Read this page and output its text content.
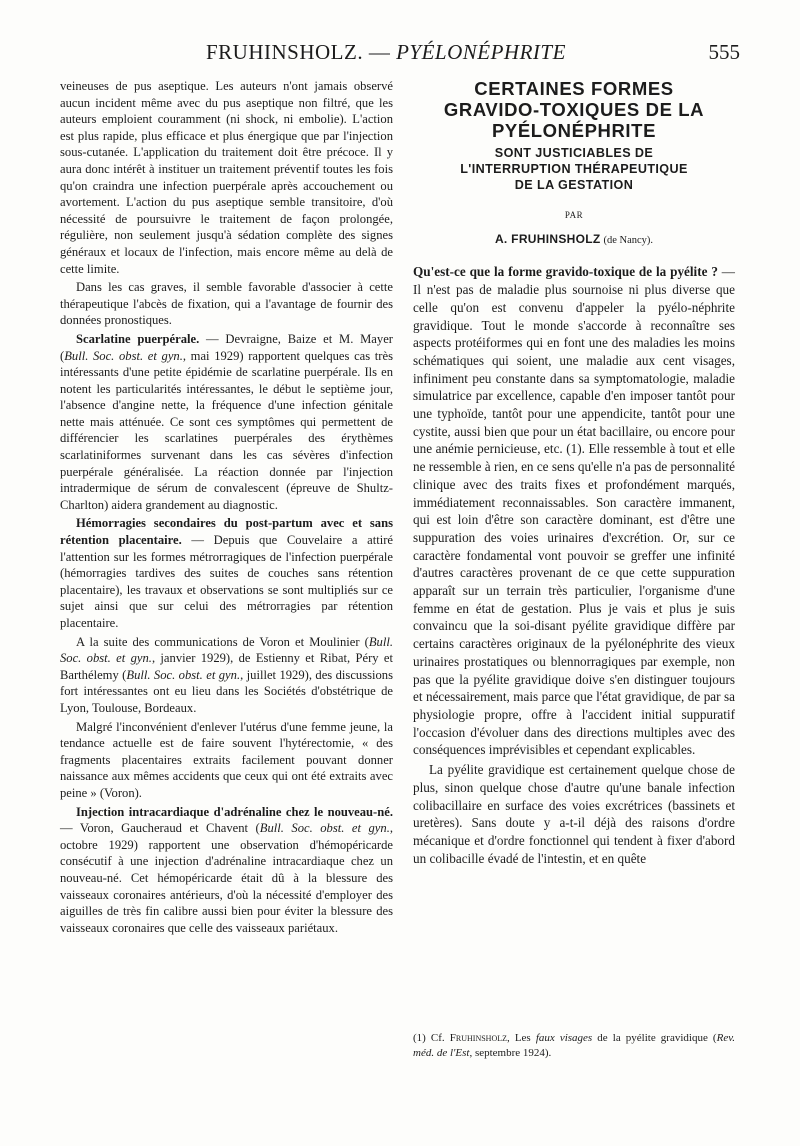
FRUHINSHOLZ. — PYÉLONÉPHRITE	555

veineuses de pus aseptique. Les auteurs n'ont jamais observé aucun incident même avec du pus aseptique non filtré, que les auteurs emploient couramment (ni shock, ni embolie). L'action est plus rapide, plus efficace et plus énergique que par l'injection sous-cutanée. L'application du traitement doit être précoce. Il y aura donc intérêt à instituer un traitement préventif toutes les fois qu'on craindra une infection puerpérale après accouchement ou avortement. L'action du pus aseptique semble transitoire, d'où nécessité de poursuivre le traitement de façon prolongée, régulière, non seulement jusqu'à sédation complète des signes généraux et locaux de l'infection, mais encore même au delà de cette limite.

Dans les cas graves, il semble favorable d'associer à cette thérapeutique l'abcès de fixation, qui a l'avantage de fournir des données pronostiques.

Scarlatine puerpérale. — Devraigne, Baize et M. Mayer (Bull. Soc. obst. et gyn., mai 1929) rapportent quelques cas très intéressants d'une petite épidémie de scarlatine puerpérale. Ils en notent les particularités intéressantes, le début le septième jour, l'absence d'angine nette, la fréquence d'une infection génitale nette mais atténuée. Ce sont ces symptômes qui permettent de différencier les scarlatines puerpérales des érythèmes scarlatiniformes survenant dans les cas sévères d'infection puerpérale généralisée. La réaction donnée par l'injection intradermique de sérum de convalescent (épreuve de Shultz-Charlton) aidera grandement au diagnostic.

Hémorragies secondaires du post-partum avec et sans rétention placentaire. — Depuis que Couvelaire a attiré l'attention sur les formes métrorragiques de l'infection puerpérale (hémorragies tardives des suites de couches sans rétention placentaire), les travaux et observations se sont multipliés sur ce sujet ainsi que sur celui des métrorragies par rétention placentaire.

A la suite des communications de Voron et Moulinier (Bull. Soc. obst. et gyn., janvier 1929), de Estienny et Ribat, Péry et Barthélemy (Bull. Soc. obst. et gyn., juillet 1929), des discussions fort intéressantes ont eu lieu dans les Sociétés d'obstétrique de Lyon, Toulouse, Bordeaux.

Malgré l'inconvénient d'enlever l'utérus d'une femme jeune, la tendance actuelle est de faire souvent l'hytérectomie, « des fragments placentaires extraits facilement pouvant donner naissance aux mêmes accidents que ceux qui ont été extraits avec peine » (Voron).

Injection intracardiaque d'adrénaline chez le nouveau-né. — Voron, Gaucheraud et Chavent (Bull. Soc. obst. et gyn., octobre 1929) rapportent une observation d'hémopéricarde consécutif à une injection d'adrénaline intracardiaque chez un nouveau-né. Cet hémopéricarde était dû à la blessure des vaisseaux coronaires antérieurs, d'où la nécessité d'employer des aiguilles de très fin calibre aussi bien pour éviter la blessure des vaisseaux coronaires que celle des vaisseaux pariétaux.

CERTAINES FORMES
GRAVIDO-TOXIQUES DE LA
PYÉLONÉPHRITE
SONT JUSTICIABLES DE
L'INTERRUPTION THÉRAPEUTIQUE
DE LA GESTATION
PAR
A. FRUHINSHOLZ (de Nancy).

Qu'est-ce que la forme gravido-toxique de la pyélite ? — Il n'est pas de maladie plus sournoise ni plus diverse que celle qu'on est convenu d'appeler la pyélo-néphrite gravidique. Tout le monde s'accorde à reconnaître ses aspects protéiformes qui en font une des maladies les moins schématiques qui soient, une maladie aux cent visages, infiniment peu constante dans sa symptomatologie, maladie simulatrice par excellence, capable d'en imposer tantôt pour une typhoïde, tantôt pour une appendicite, tantôt pour une cystite, aussi bien que pour un état bacillaire, ou encore pour une anémie pernicieuse, etc. (1). Elle ressemble à tout et elle ne ressemble à rien, en ce sens qu'elle n'a pas de personnalité clinique avec des traits fixes et profondément marqués, immédiatement reconnaissables. Son caractère immanent, qui est loin d'être son caractère dominant, est d'être une suppuration des voies urinaires d'excrétion. Or, sur ce caractère fondamental vont pouvoir se greffer une infinité d'autres caractères provenant de ce que cette suppuration apparaît sur un terrain très particulier, l'organisme d'une femme en état de gestation. Plus je vais et plus je suis convaincu que la soi-disant pyélite gravidique diffère par certains caractères originaux de la pyélonéphrite des vieux urinaires prostatiques ou blennorragiques par exemple, non pas que la pyélite gravidique doive s'en distinguer toujours et nécessairement, mais parce que l'état gravidique, de par sa physiologie propre, offre à l'accident initial suppuratif l'occasion d'évoluer dans des directions multiples avec des conséquences imprévisibles et cependant explicables.

La pyélite gravidique est certainement quelque chose de plus, sinon quelque chose d'autre qu'une banale infection colibacillaire en surface des voies excrétrices (bassinets et uretères). Sans doute y a-t-il déjà des raisons d'ordre mécanique et d'ordre fonctionnel qui tendent à fixer d'abord un colibacille évadé de l'intestin, et en quête

(1) Cf. Fruhinsholz, Les faux visages de la pyélite gravidique (Rev. méd. de l'Est, septembre 1924).
